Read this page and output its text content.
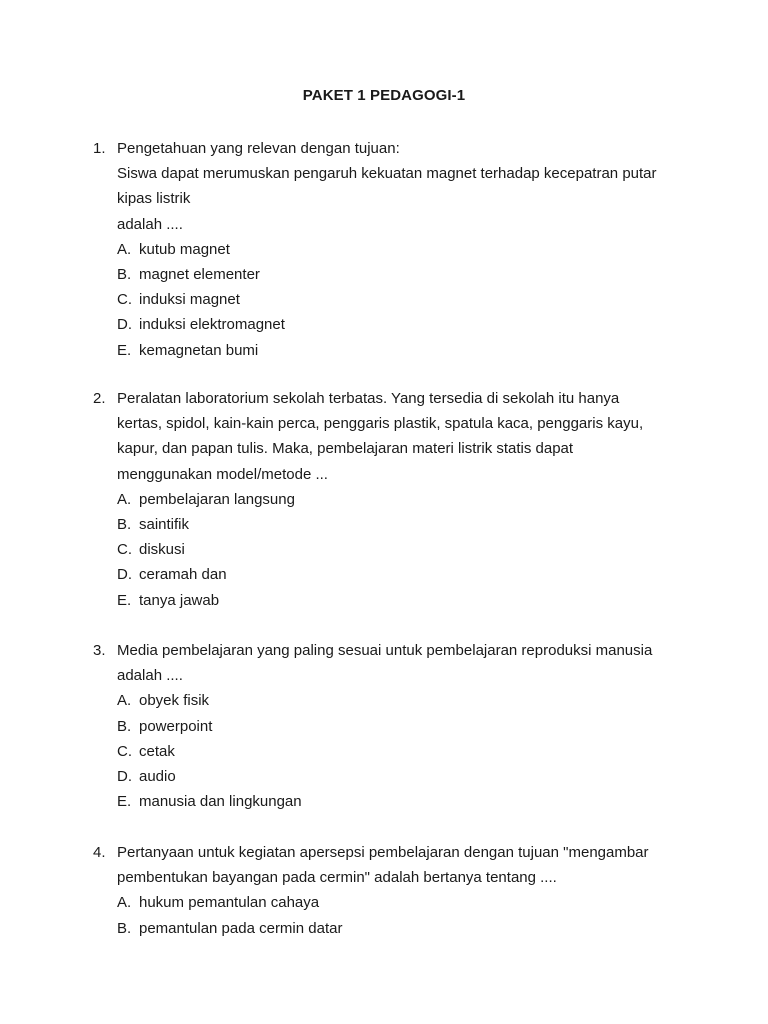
PAKET 1 PEDAGOGI-1
1. Pengetahuan yang relevan dengan tujuan:
Siswa dapat merumuskan pengaruh kekuatan magnet terhadap kecepatran putar
kipas listrik
adalah ....
A. kutub magnet
B. magnet elementer
C. induksi magnet
D. induksi elektromagnet
E. kemagnetan bumi
2. Peralatan laboratorium sekolah terbatas. Yang tersedia di sekolah itu hanya
kertas, spidol, kain-kain perca, penggaris plastik, spatula kaca, penggaris kayu,
kapur, dan papan tulis. Maka, pembelajaran materi listrik statis dapat
menggunakan model/metode ...
A. pembelajaran langsung
B. saintifik
C. diskusi
D. ceramah dan
E. tanya jawab
3. Media pembelajaran yang paling sesuai untuk pembelajaran reproduksi manusia
adalah ....
A. obyek fisik
B. powerpoint
C. cetak
D. audio
E. manusia dan lingkungan
4. Pertanyaan untuk kegiatan apersepsi pembelajaran dengan tujuan "mengambar
pembentukan bayangan pada cermin" adalah bertanya tentang ....
A. hukum pemantulan cahaya
B. pemantulan pada cermin datar
